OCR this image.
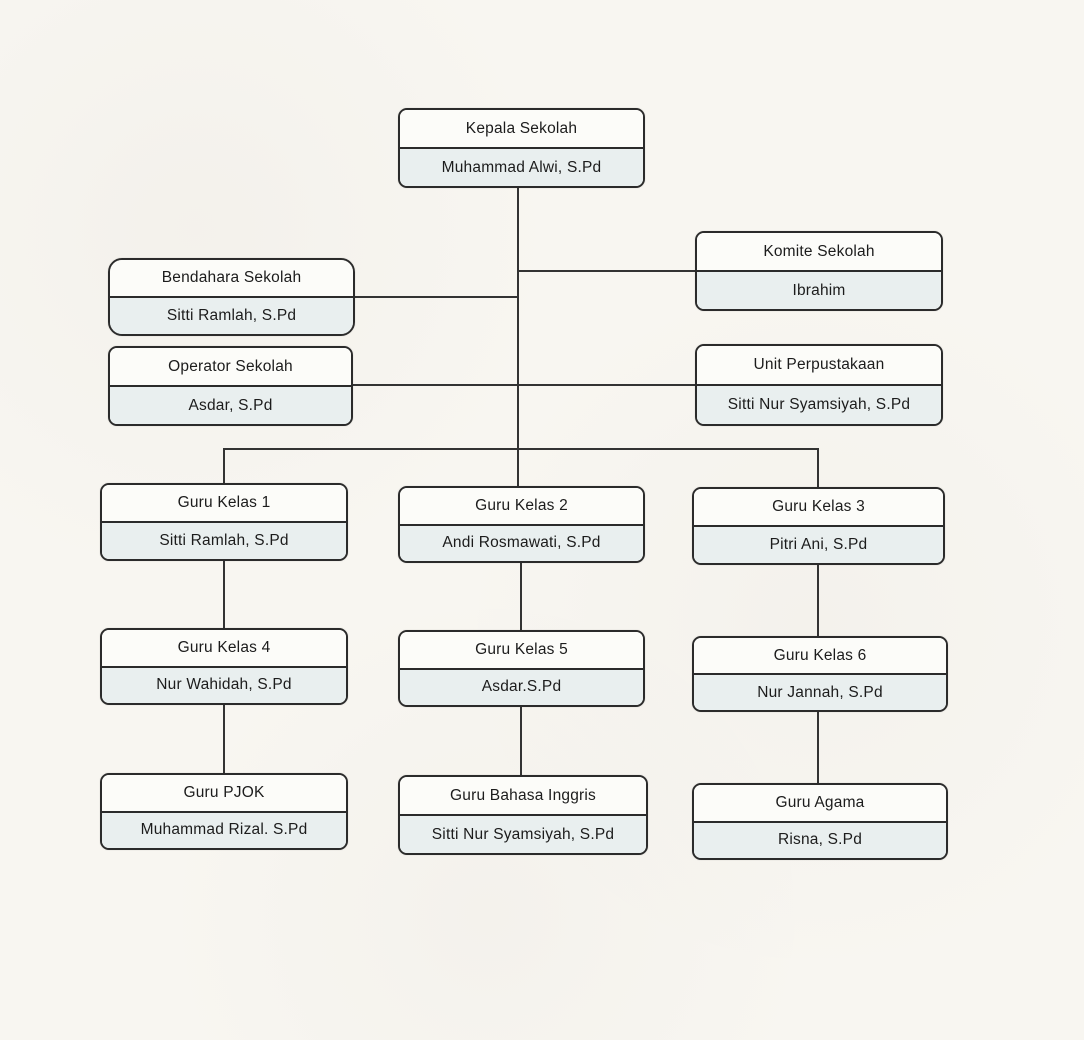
Kepala Sekolah
Muhammad Alwi, S.Pd
Komite Sekolah
Ibrahim
Bendahara Sekolah
Sitti Ramlah, S.Pd
Operator Sekolah
Asdar, S.Pd
Unit Perpustakaan
Sitti Nur Syamsiyah, S.Pd
Guru Kelas 1
Sitti Ramlah, S.Pd
Guru Kelas 2
Andi Rosmawati, S.Pd
Guru Kelas 3
Pitri Ani, S.Pd
Guru Kelas 4
Nur Wahidah, S.Pd
Guru Kelas 5
Asdar.S.Pd
Guru Kelas 6
Nur Jannah, S.Pd
Guru PJOK
Muhammad Rizal. S.Pd
Guru Bahasa Inggris
Sitti Nur Syamsiyah, S.Pd
Guru Agama
Risna, S.Pd
